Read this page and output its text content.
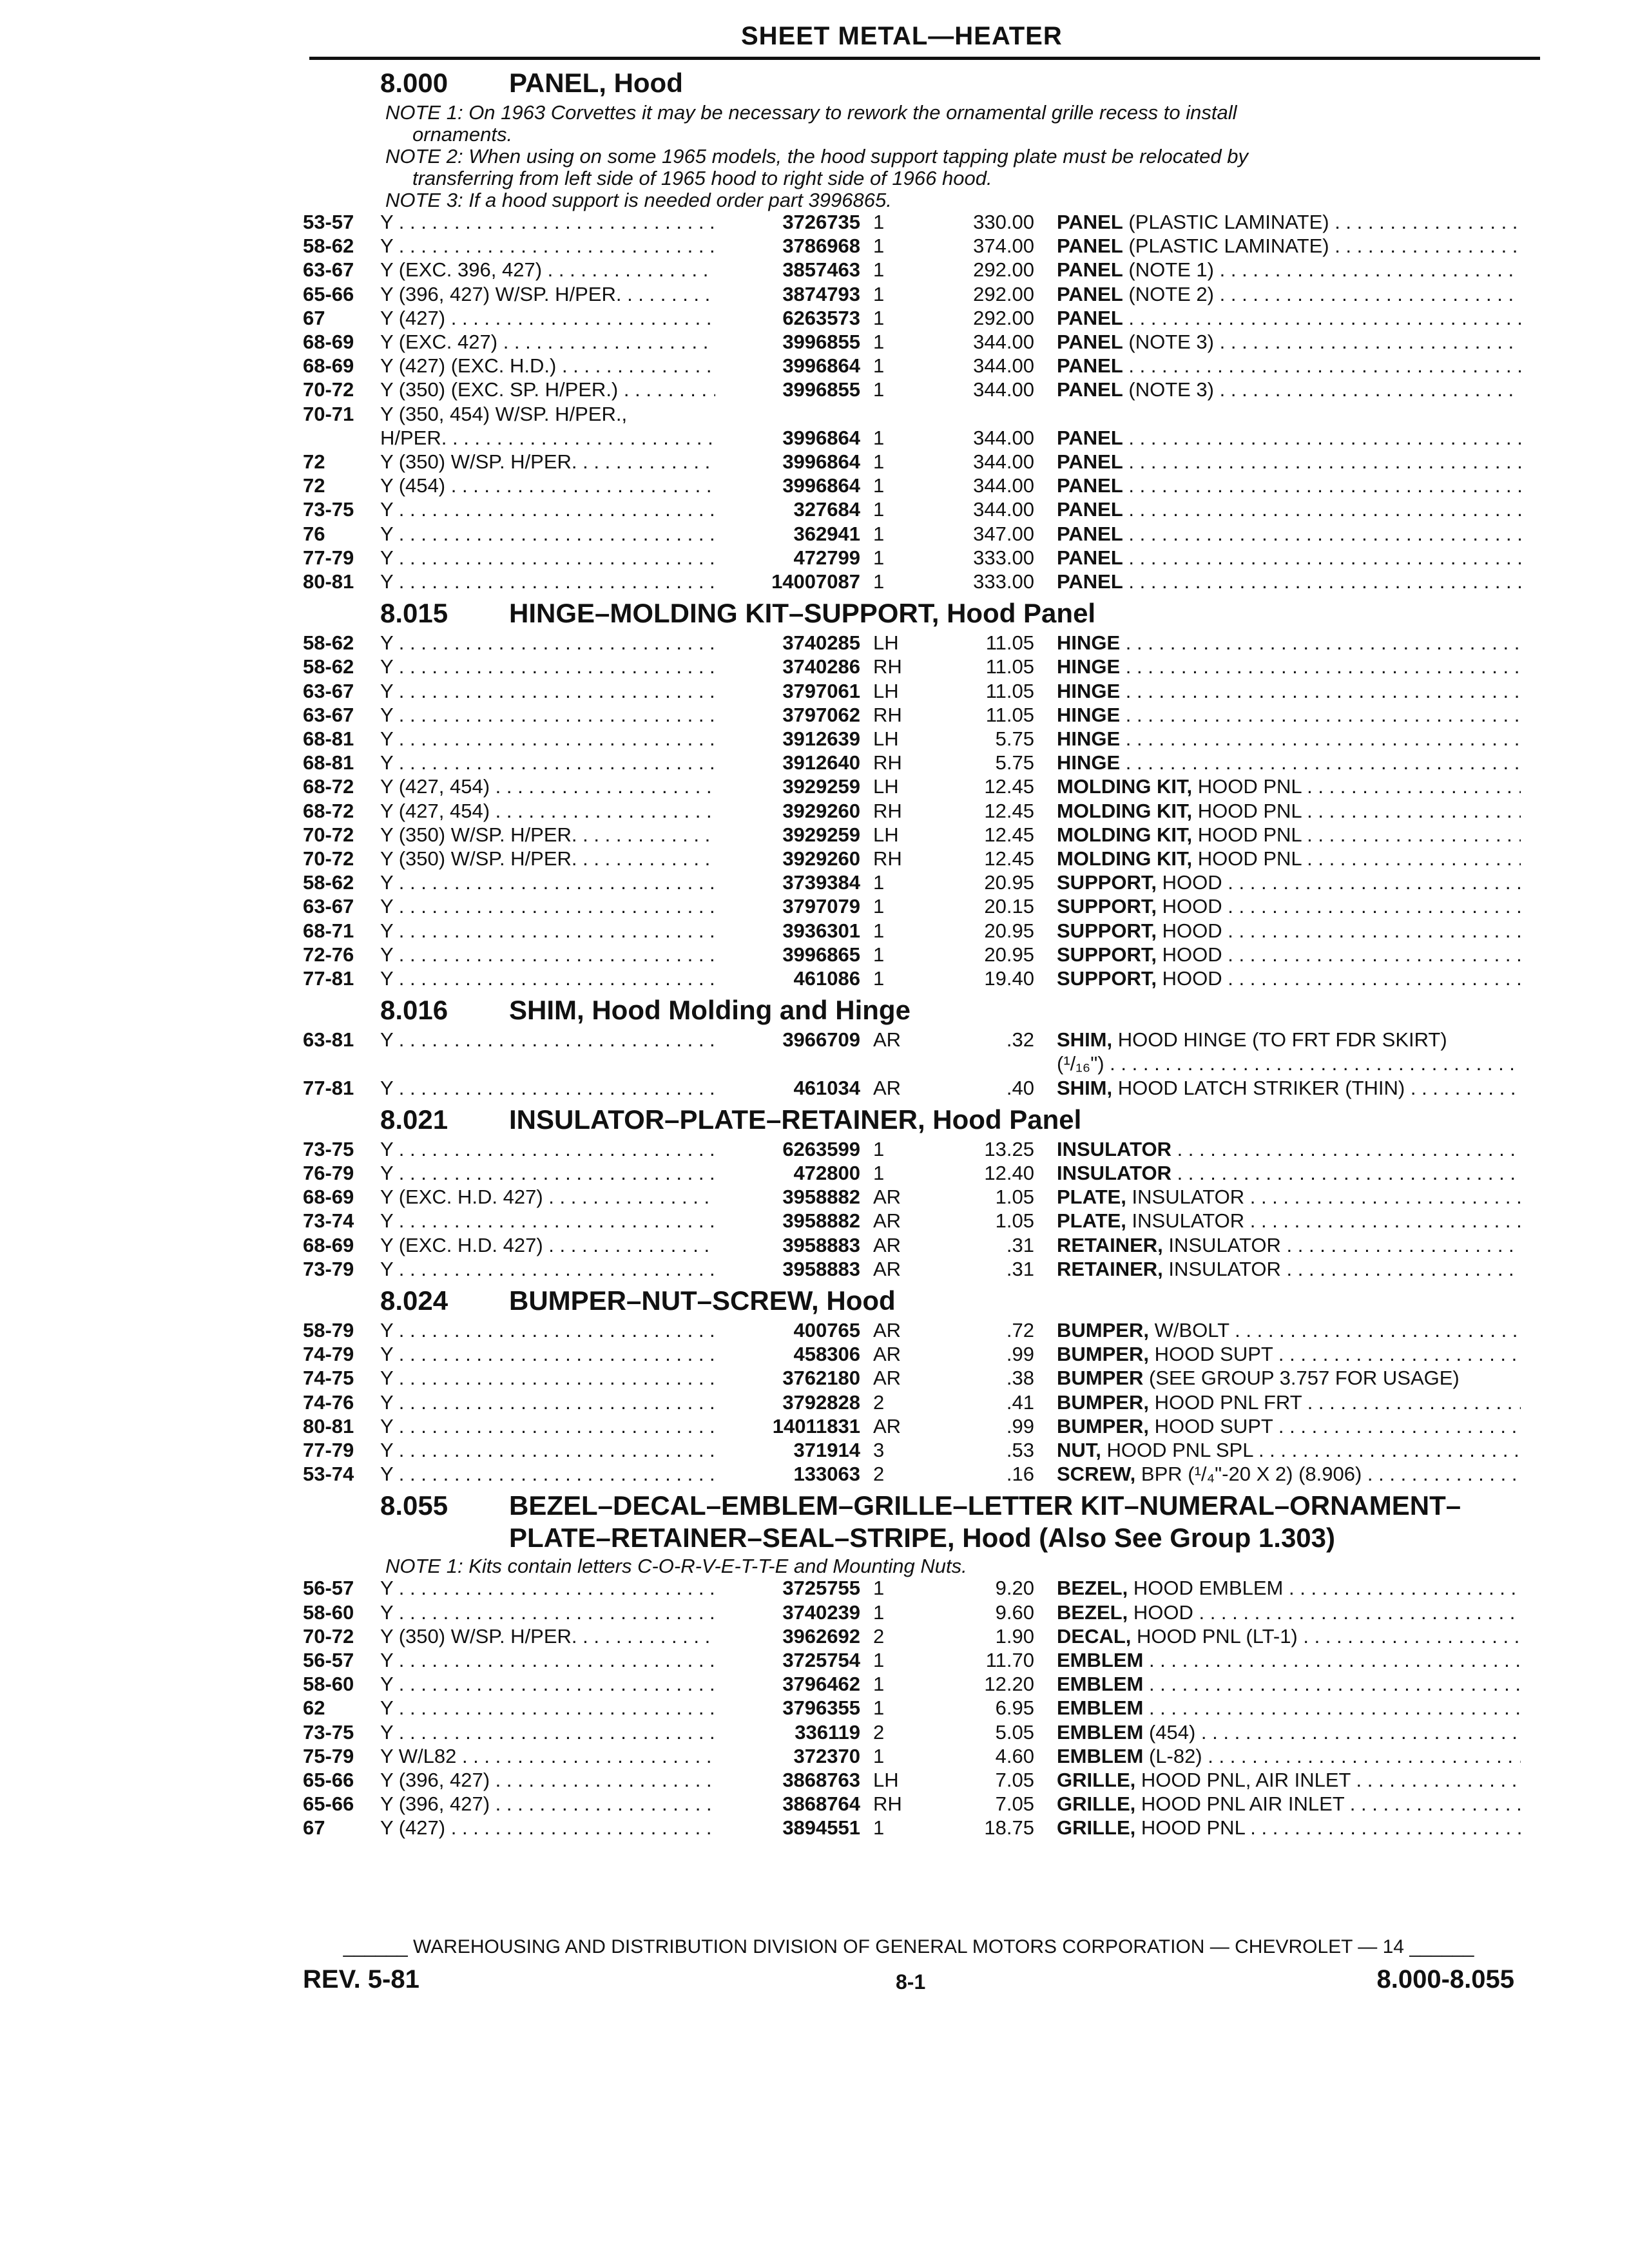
SHEET METAL—HEATER
8.000 PANEL, Hood
NOTE 1: On 1963 Corvettes it may be necessary to rework the ornamental grille recess to install
ornaments.
NOTE 2: When using on some 1965 models, the hood support tapping plate must be relocated by
transferring from left side of 1965 hood to right side of 1966 hood.
NOTE 3: If a hood support is needed order part 3996865.
53-57 Y . . .	3726735 1	330.00 PANEL (PLASTIC LAMINATE) . . .
58-62 Y . . .	3786968 1	374.00 PANEL (PLASTIC LAMINATE) . . .
63-67 Y (EXC. 396, 427) . . .	3857463 1	292.00 PANEL (NOTE 1) . . .
65-66 Y (396, 427) W/SP. H/PER. . . .	3874793 1	292.00 PANEL (NOTE 2) . . .
67	Y (427) . . .	6263573 1	292.00 PANEL . . .
68-69 Y (EXC. 427) . . .	3996855 1	344.00 PANEL (NOTE 3) . . .
68-69 Y (427) (EXC. H.D.) . . .	3996864 1	344.00 PANEL . . .
70-72 Y (350) (EXC. SP. H/PER.) . . .	3996855 1	344.00 PANEL (NOTE 3) . . .
70-71 Y (350, 454) W/SP. H/PER.,
H/PER. . . .	3996864 1	344.00 PANEL . . .
72	Y (350) W/SP. H/PER. . . .	3996864 1	344.00 PANEL . . .
72	Y (454) . . .	3996864 1	344.00 PANEL . . .
73-75 Y . . .	327684 1	344.00 PANEL . . .
76	Y . . .	362941 1	347.00 PANEL . . .
77-79 Y . . .	472799 1	333.00 PANEL . . .
80-81 Y . . .	14007087 1	333.00 PANEL . . .
8.015 HINGE–MOLDING KIT–SUPPORT, Hood Panel
58-62 Y . . .	3740285 LH	11.05 HINGE . . .
58-62 Y . . .	3740286 RH	11.05 HINGE . . .
63-67 Y . . .	3797061 LH	11.05 HINGE . . .
63-67 Y . . .	3797062 RH	11.05 HINGE . . .
68-81 Y . . .	3912639 LH	5.75 HINGE . . .
68-81 Y . . .	3912640 RH	5.75 HINGE . . .
68-72 Y (427, 454) . . .	3929259 LH	12.45 MOLDING KIT, HOOD PNL . . .
68-72 Y (427, 454) . . .	3929260 RH	12.45 MOLDING KIT, HOOD PNL . . .
70-72 Y (350) W/SP. H/PER. . . .	3929259 LH	12.45 MOLDING KIT, HOOD PNL . . .
70-72 Y (350) W/SP. H/PER. . . .	3929260 RH	12.45 MOLDING KIT, HOOD PNL . . .
58-62 Y . . .	3739384 1	20.95 SUPPORT, HOOD . . .
63-67 Y . . .	3797079 1	20.15 SUPPORT, HOOD . . .
68-71 Y . . .	3936301 1	20.95 SUPPORT, HOOD . . .
72-76 Y . . .	3996865 1	20.95 SUPPORT, HOOD . . .
77-81 Y . . .	461086 1	19.40 SUPPORT, HOOD . . .
8.016 SHIM, Hood Molding and Hinge
63-81 Y . . .	3966709 AR	.32 SHIM, HOOD HINGE (TO FRT FDR SKIRT)
(¹/₁₆") . . .
77-81 Y . . .	461034 AR	.40 SHIM, HOOD LATCH STRIKER (THIN) . . .
8.021 INSULATOR–PLATE–RETAINER, Hood Panel
73-75 Y . . .	6263599 1	13.25 INSULATOR . . .
76-79 Y . . .	472800 1	12.40 INSULATOR . . .
68-69 Y (EXC. H.D. 427) . . .	3958882 AR	1.05 PLATE, INSULATOR . . .
73-74 Y . . .	3958882 AR	1.05 PLATE, INSULATOR . . .
68-69 Y (EXC. H.D. 427) . . .	3958883 AR	.31 RETAINER, INSULATOR . . .
73-79 Y . . .	3958883 AR	.31 RETAINER, INSULATOR . . .
8.024 BUMPER–NUT–SCREW, Hood
58-79 Y . . .	400765 AR	.72 BUMPER, W/BOLT . . .
74-79 Y . . .	458306 AR	.99 BUMPER, HOOD SUPT . . .
74-75 Y . . .	3762180 AR	.38 BUMPER (SEE GROUP 3.757 FOR USAGE)
74-76 Y . . .	3792828 2	.41 BUMPER, HOOD PNL FRT . . .
80-81 Y . . .	14011831 AR	.99 BUMPER, HOOD SUPT . . .
77-79 Y . . .	371914 3	.53 NUT, HOOD PNL SPL . . .
53-74 Y . . .	133063 2	.16 SCREW, BPR (¹/₄"-20 X 2) (8.906) . . .
8.055 BEZEL–DECAL–EMBLEM–GRILLE–LETTER KIT–NUMERAL–ORNAMENT–
PLATE–RETAINER–SEAL–STRIPE, Hood (Also See Group 1.303)
NOTE 1: Kits contain letters C-O-R-V-E-T-T-E and Mounting Nuts.
56-57 Y . . .	3725755 1	9.20 BEZEL, HOOD EMBLEM . . .
58-60 Y . . .	3740239 1	9.60 BEZEL, HOOD . . .
70-72 Y (350) W/SP. H/PER. . . .	3962692 2	1.90 DECAL, HOOD PNL (LT-1) . . .
56-57 Y . . .	3725754 1	11.70 EMBLEM . . .
58-60 Y . . .	3796462 1	12.20 EMBLEM . . .
62	Y . . .	3796355 1	6.95 EMBLEM . . .
73-75 Y . . .	336119 2	5.05 EMBLEM (454) . . .
75-79 Y W/L82 . . .	372370 1	4.60 EMBLEM (L-82) . . .
65-66 Y (396, 427) . . .	3868763 LH	7.05 GRILLE, HOOD PNL, AIR INLET . . .
65-66 Y (396, 427) . . .	3868764 RH	7.05 GRILLE, HOOD PNL AIR INLET . . .
67	Y (427) . . .	3894551 1	18.75 GRILLE, HOOD PNL . . .
______ WAREHOUSING AND DISTRIBUTION DIVISION OF GENERAL MOTORS CORPORATION — CHEVROLET — 14 ______
REV. 5-81	8-1	8.000-8.055
